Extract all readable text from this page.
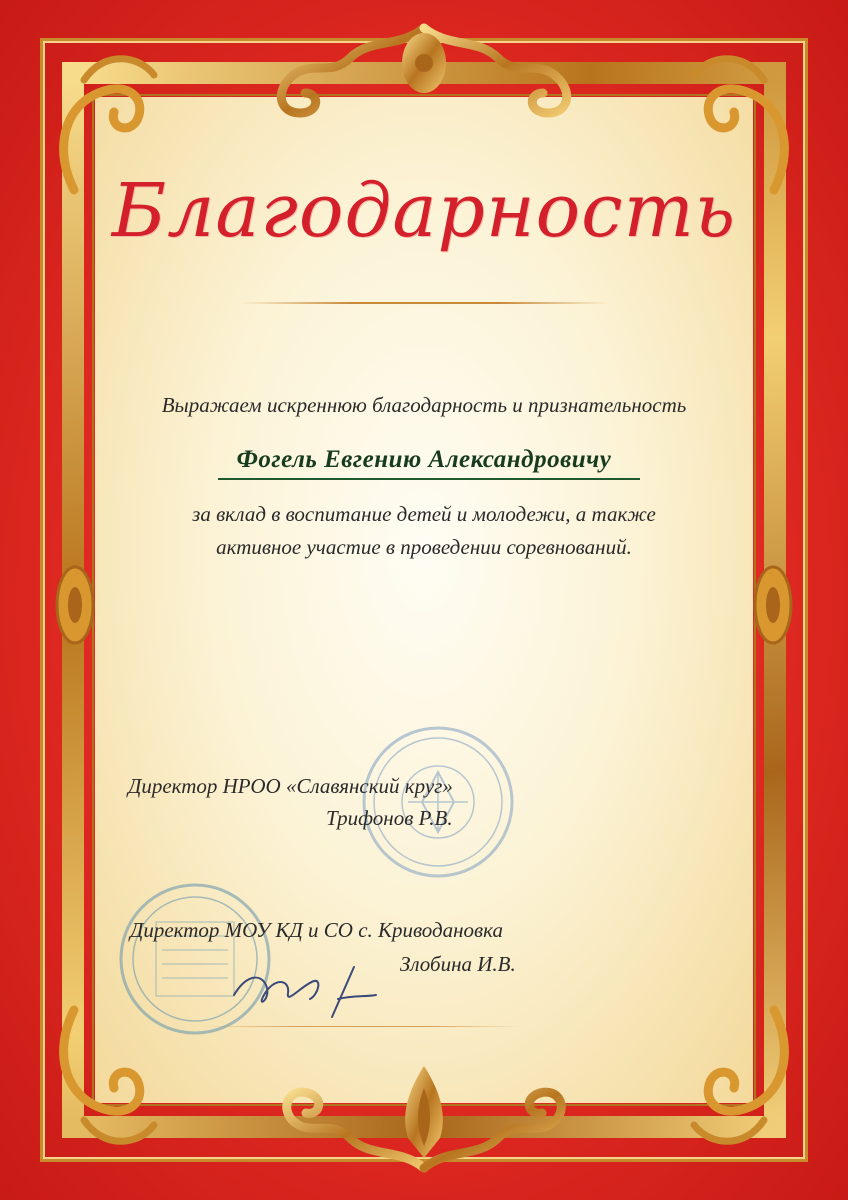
Благодарность
Выражаем искреннюю благодарность и признательность
Фогель Евгению Александровичу
за вклад в воспитание детей и молодежи, а также
активное участие в проведении соревнований.
Директор НРОО «Славянский круг»
Трифонов Р.В.
Директор МОУ КД и СО с. Криводановка
Злобина И.В.
